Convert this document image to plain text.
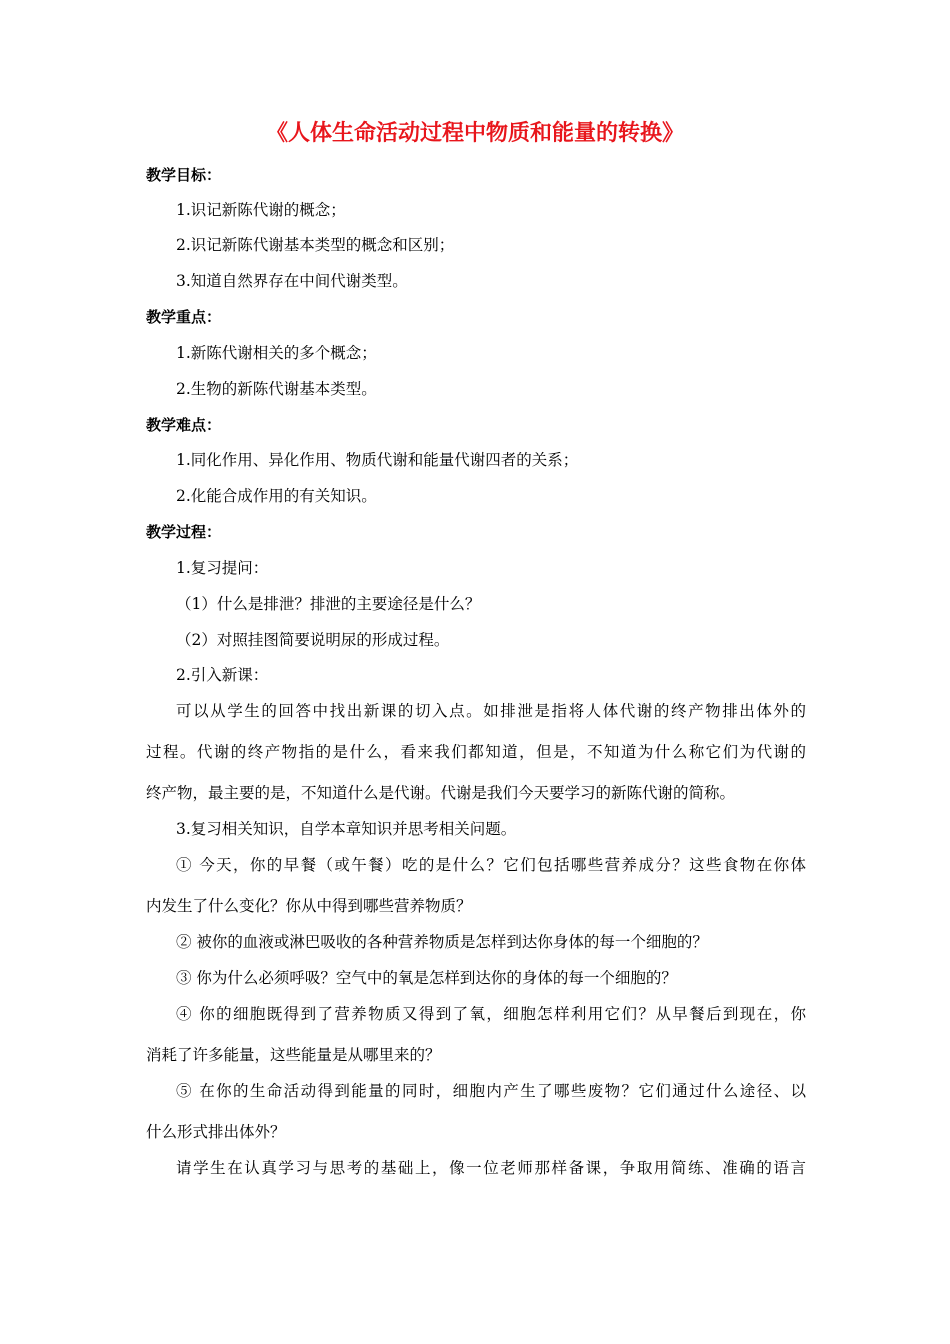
《人体生命活动过程中物质和能量的转换》
教学目标：
1.识记新陈代谢的概念；
2.识记新陈代谢基本类型的概念和区别；
3.知道自然界存在中间代谢类型。
教学重点：
1.新陈代谢相关的多个概念；
2.生物的新陈代谢基本类型。
教学难点：
1.同化作用、异化作用、物质代谢和能量代谢四者的关系；
2.化能合成作用的有关知识。
教学过程：
1.复习提问：
（1）什么是排泄？排泄的主要途径是什么？
（2）对照挂图简要说明尿的形成过程。
2.引入新课：
可以从学生的回答中找出新课的切入点。如排泄是指将人体代谢的终产物排出体外的
过程。代谢的终产物指的是什么，看来我们都知道，但是，不知道为什么称它们为代谢的
终产物，最主要的是，不知道什么是代谢。代谢是我们今天要学习的新陈代谢的简称。
3.复习相关知识，自学本章知识并思考相关问题。
① 今天，你的早餐（或午餐）吃的是什么？它们包括哪些营养成分？这些食物在你体
内发生了什么变化？你从中得到哪些营养物质？
② 被你的血液或淋巴吸收的各种营养物质是怎样到达你身体的每一个细胞的？
③ 你为什么必须呼吸？空气中的氧是怎样到达你的身体的每一个细胞的？
④ 你的细胞既得到了营养物质又得到了氧，细胞怎样利用它们？从早餐后到现在，你
消耗了许多能量，这些能量是从哪里来的？
⑤ 在你的生命活动得到能量的同时，细胞内产生了哪些废物？它们通过什么途径、以
什么形式排出体外？
请学生在认真学习与思考的基础上，像一位老师那样备课，争取用简练、准确的语言
